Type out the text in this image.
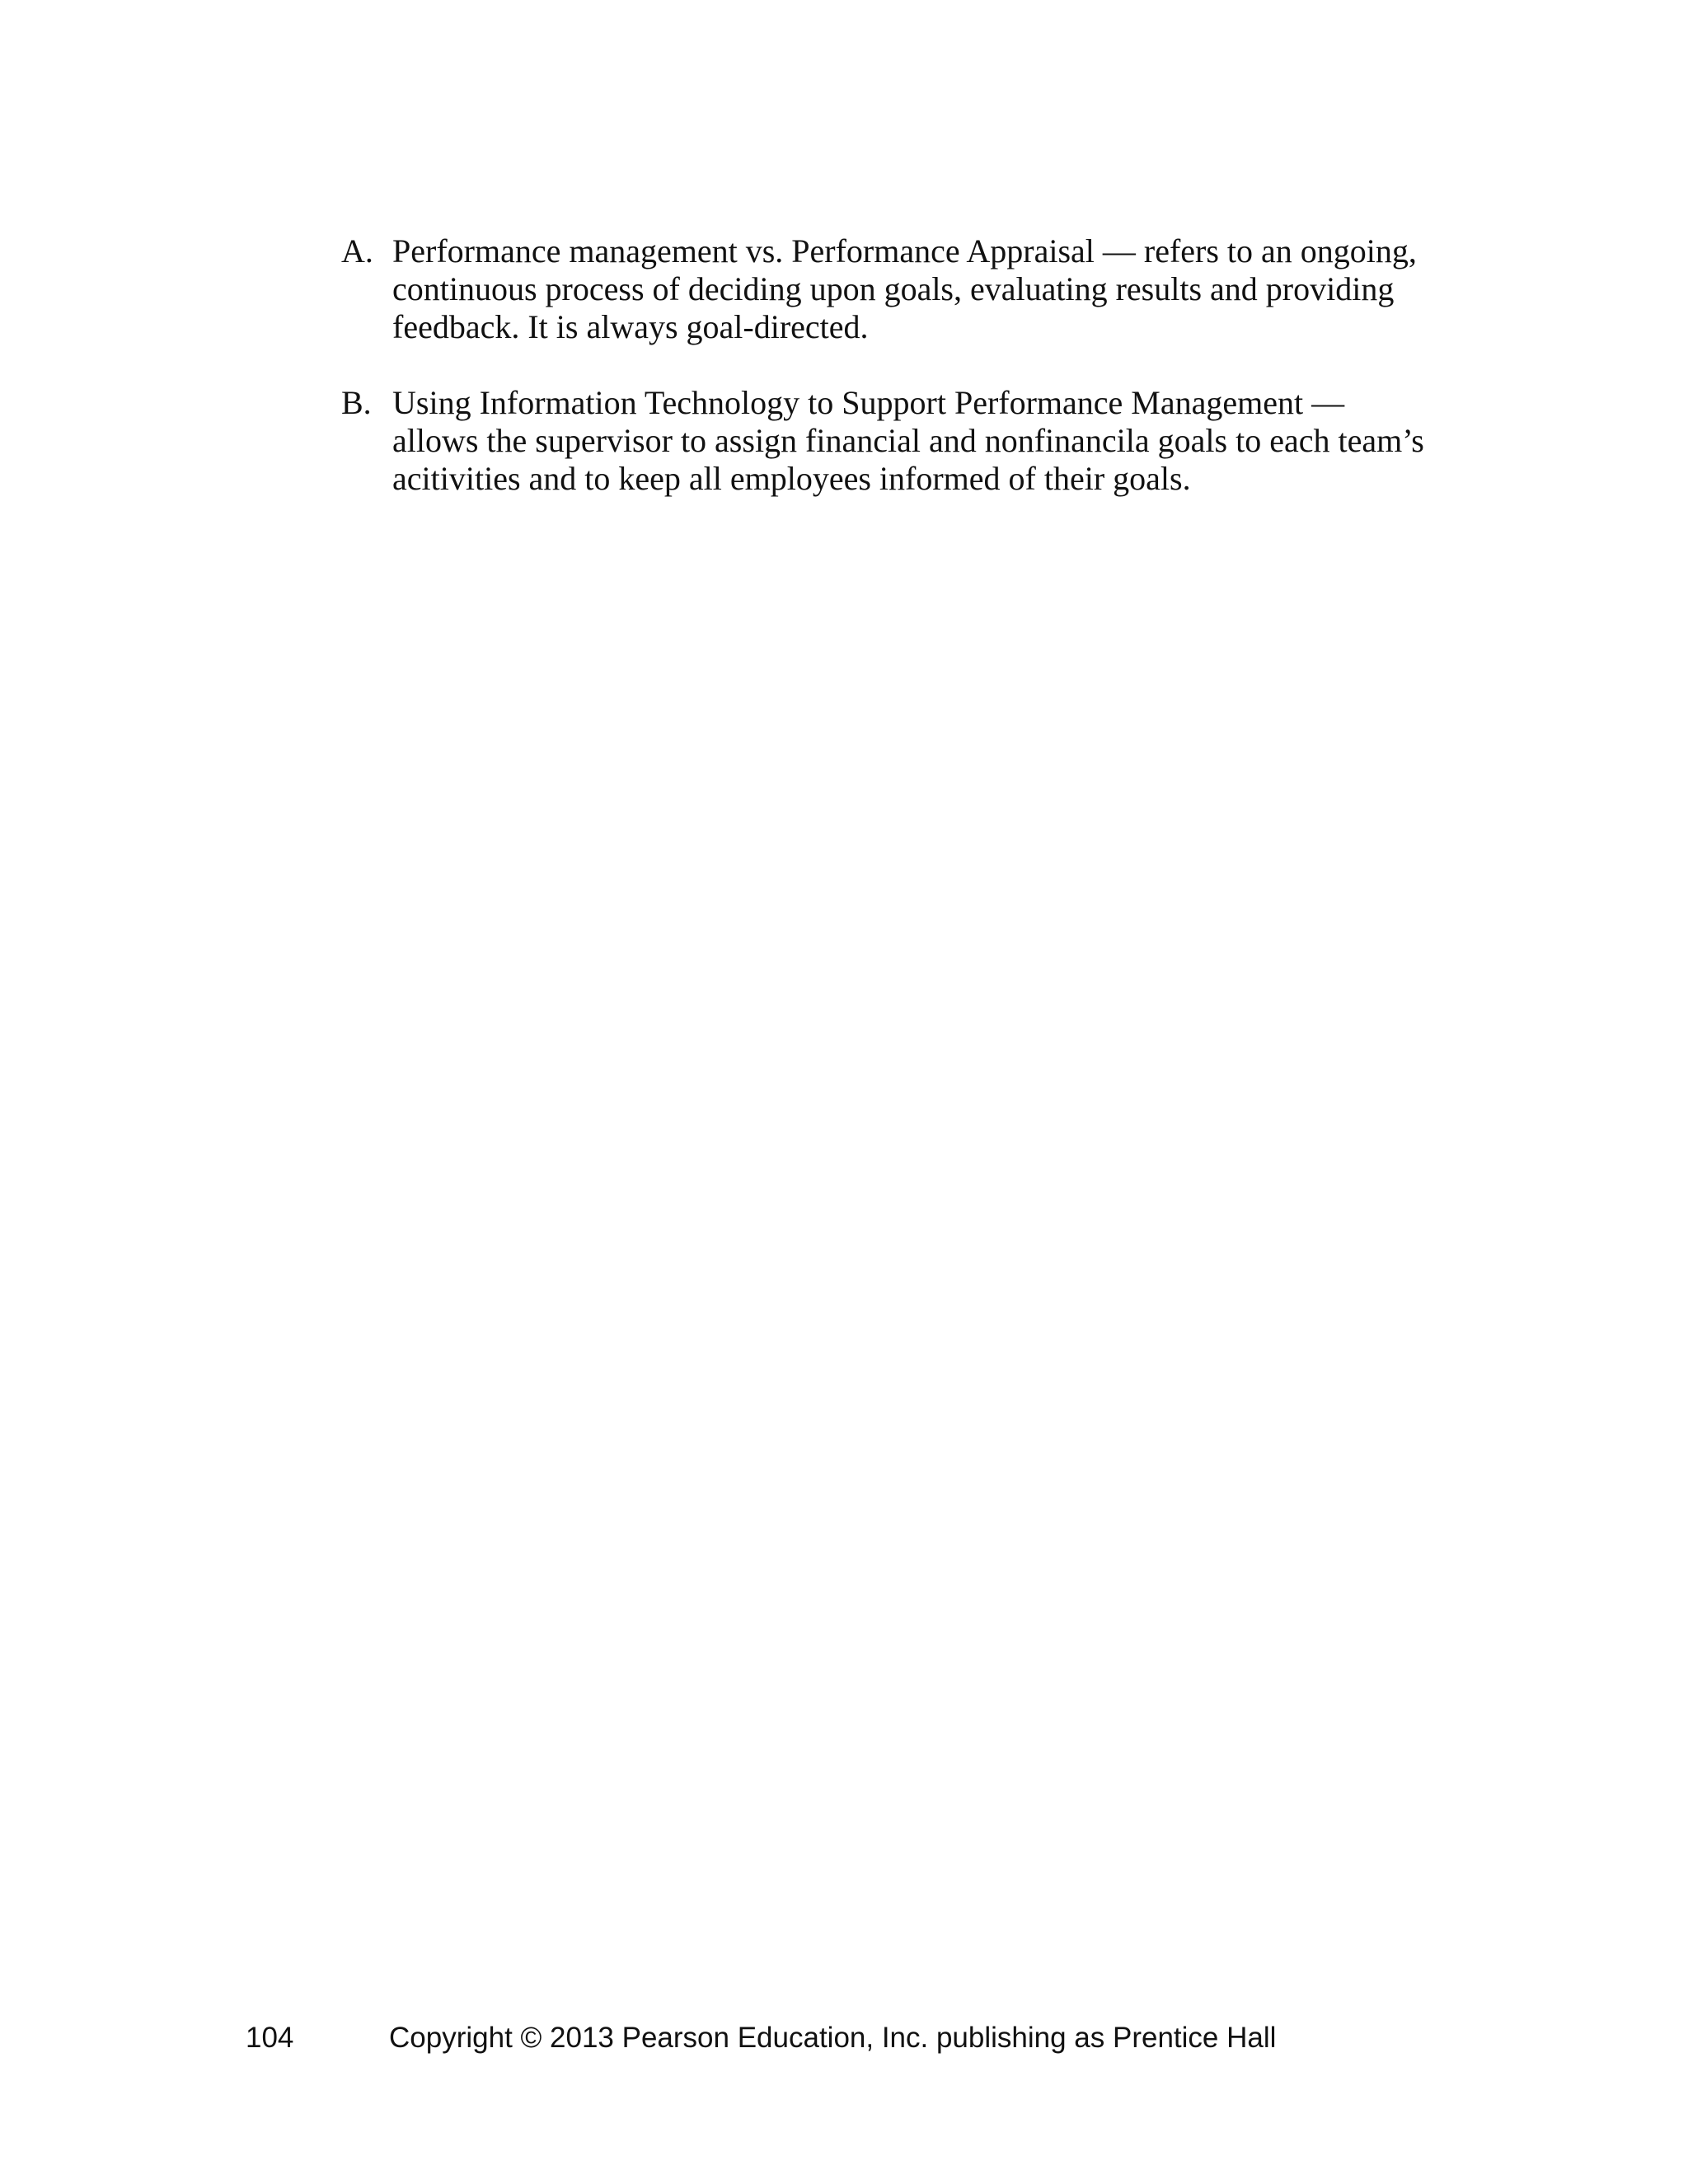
A. Performance management vs. Performance Appraisal — refers to an ongoing, continuous process of deciding upon goals, evaluating results and providing feedback. It is always goal-directed.
B. Using Information Technology to Support Performance Management — allows the supervisor to assign financial and nonfinancila goals to each team’s acitivities and to keep all employees informed of their goals.
104	Copyright © 2013 Pearson Education, Inc. publishing as Prentice Hall
